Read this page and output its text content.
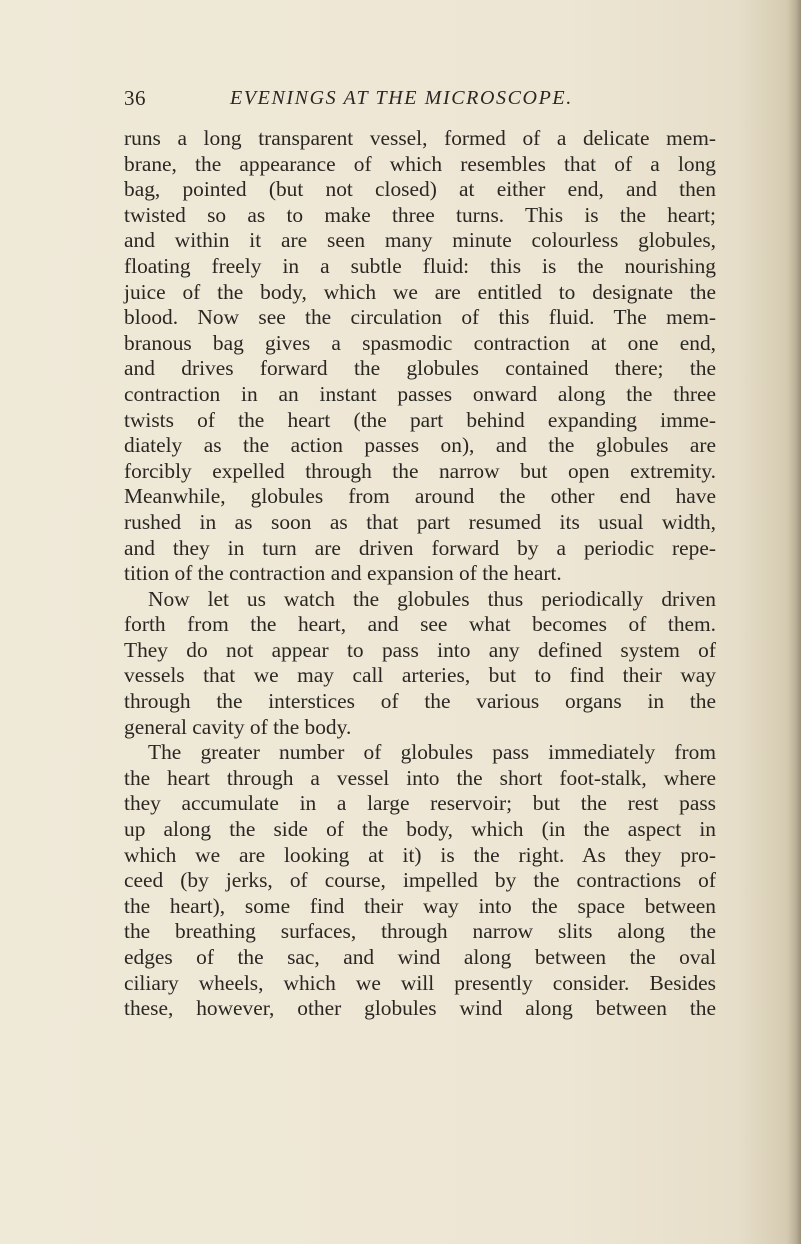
36	EVENINGS AT THE MICROSCOPE.
runs a long transparent vessel, formed of a delicate mem-
brane, the appearance of which resembles that of a long
bag, pointed (but not closed) at either end, and then
twisted so as to make three turns. This is the heart;
and within it are seen many minute colourless globules,
floating freely in a subtle fluid: this is the nourishing
juice of the body, which we are entitled to designate the
blood. Now see the circulation of this fluid. The mem-
branous bag gives a spasmodic contraction at one end,
and drives forward the globules contained there; the
contraction in an instant passes onward along the three
twists of the heart (the part behind expanding imme-
diately as the action passes on), and the globules are
forcibly expelled through the narrow but open extremity.
Meanwhile, globules from around the other end have
rushed in as soon as that part resumed its usual width,
and they in turn are driven forward by a periodic repe-
tition of the contraction and expansion of the heart.
Now let us watch the globules thus periodically driven
forth from the heart, and see what becomes of them.
They do not appear to pass into any defined system of
vessels that we may call arteries, but to find their way
through the interstices of the various organs in the
general cavity of the body.
The greater number of globules pass immediately from
the heart through a vessel into the short foot-stalk, where
they accumulate in a large reservoir; but the rest pass
up along the side of the body, which (in the aspect in
which we are looking at it) is the right. As they pro-
ceed (by jerks, of course, impelled by the contractions of
the heart), some find their way into the space between
the breathing surfaces, through narrow slits along the
edges of the sac, and wind along between the oval
ciliary wheels, which we will presently consider. Besides
these, however, other globules wind along between the
